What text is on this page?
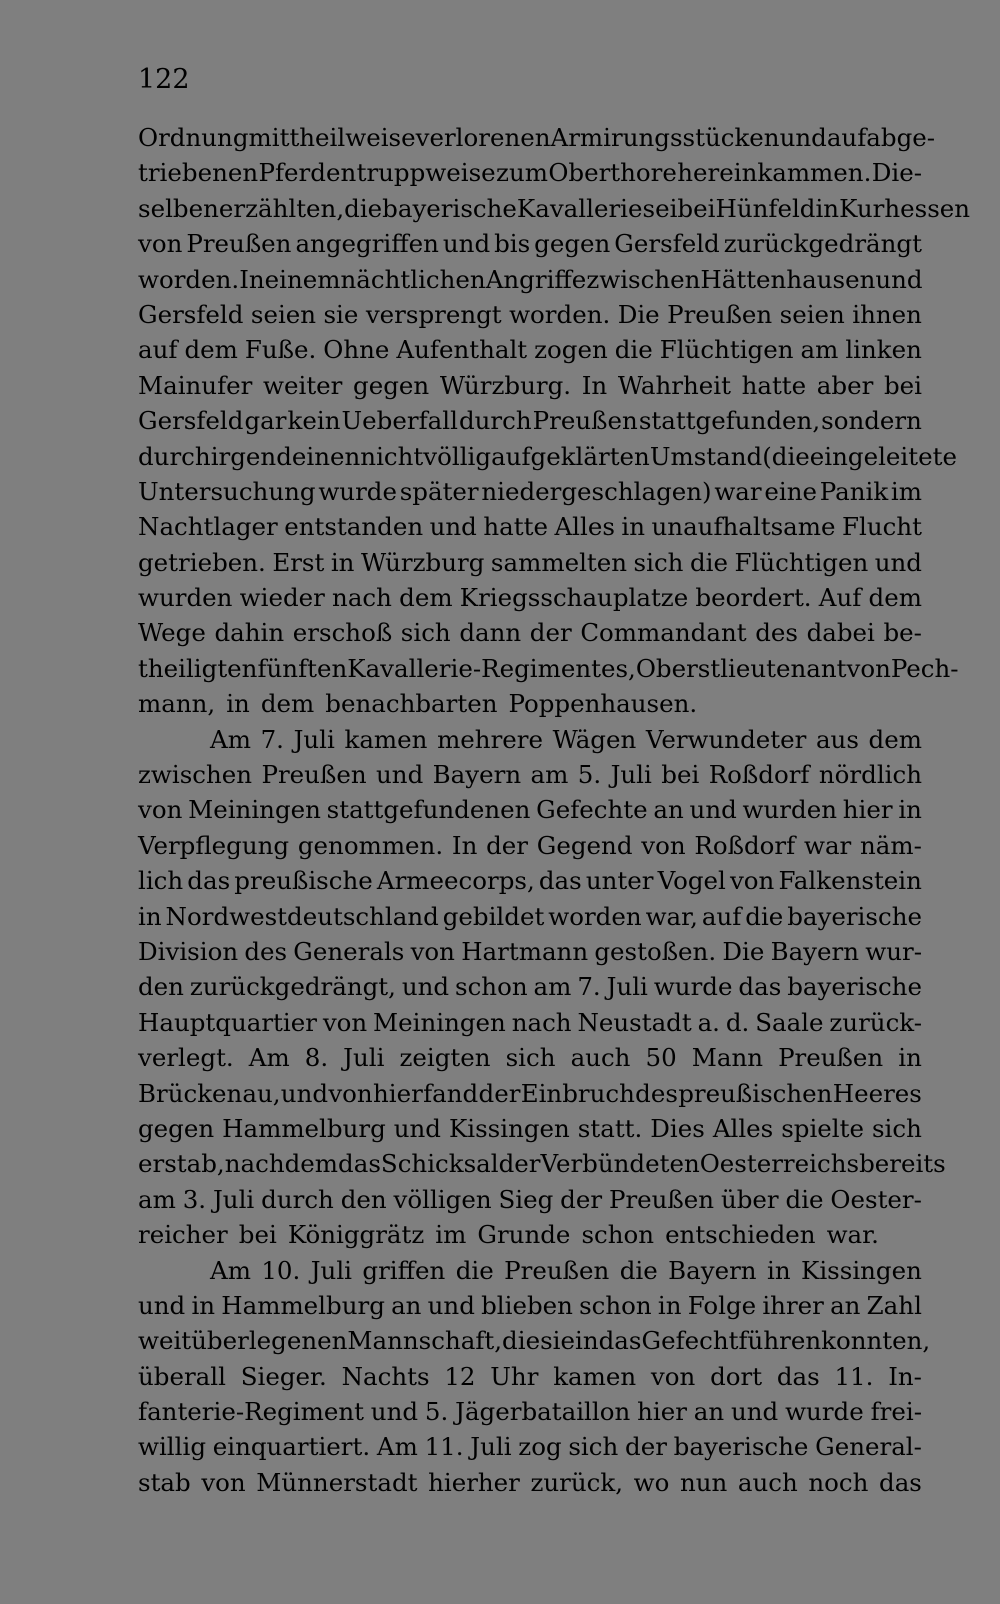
122
Ordnung mit theilweise verlorenen Armirungsstücken und auf abge-
triebenen Pferden truppweise zum Oberthore hereinkammen. Die-
selben erzählten, die bayerische Kavallerie sei bei Hünfeld in Kurhessen
von Preußen angegriffen und bis gegen Gersfeld zurückgedrängt
worden. In einem nächtlichen Angriffe zwischen Hättenhausen und
Gersfeld seien sie versprengt worden. Die Preußen seien ihnen
auf dem Fuße. Ohne Aufenthalt zogen die Flüchtigen am linken
Mainufer weiter gegen Würzburg. In Wahrheit hatte aber bei
Gersfeld gar kein Ueberfall durch Preußen stattgefunden, sondern
durch irgend einen nicht völlig aufgeklärten Umstand (die eingeleitete
Untersuchung wurde später niedergeschlagen) war eine Panik im
Nachtlager entstanden und hatte Alles in unaufhaltsame Flucht
getrieben. Erst in Würzburg sammelten sich die Flüchtigen und
wurden wieder nach dem Kriegsschauplatze beordert. Auf dem
Wege dahin erschoß sich dann der Commandant des dabei be-
theiligten fünften Kavallerie-Regimentes, Oberstlieutenant von Pech-
mann, in dem benachbarten Poppenhausen.
Am 7. Juli kamen mehrere Wägen Verwundeter aus dem
zwischen Preußen und Bayern am 5. Juli bei Roßdorf nördlich
von Meiningen stattgefundenen Gefechte an und wurden hier in
Verpflegung genommen. In der Gegend von Roßdorf war näm-
lich das preußische Armeecorps, das unter Vogel von Falkenstein
in Nordwestdeutschland gebildet worden war, auf die bayerische
Division des Generals von Hartmann gestoßen. Die Bayern wur-
den zurückgedrängt, und schon am 7. Juli wurde das bayerische
Hauptquartier von Meiningen nach Neustadt a. d. Saale zurück-
verlegt. Am 8. Juli zeigten sich auch 50 Mann Preußen in
Brückenau, und von hier fand der Einbruch des preußischen Heeres
gegen Hammelburg und Kissingen statt. Dies Alles spielte sich
erst ab, nachdem das Schicksal der Verbündeten Oesterreichs bereits
am 3. Juli durch den völligen Sieg der Preußen über die Oester-
reicher bei Königgrätz im Grunde schon entschieden war.
Am 10. Juli griffen die Preußen die Bayern in Kissingen
und in Hammelburg an und blieben schon in Folge ihrer an Zahl
weit überlegenen Mannschaft, die sie in das Gefecht führen konnten,
überall Sieger. Nachts 12 Uhr kamen von dort das 11. In-
fanterie-Regiment und 5. Jägerbataillon hier an und wurde frei-
willig einquartiert. Am 11. Juli zog sich der bayerische General-
stab von Münnerstadt hierher zurück, wo nun auch noch das
